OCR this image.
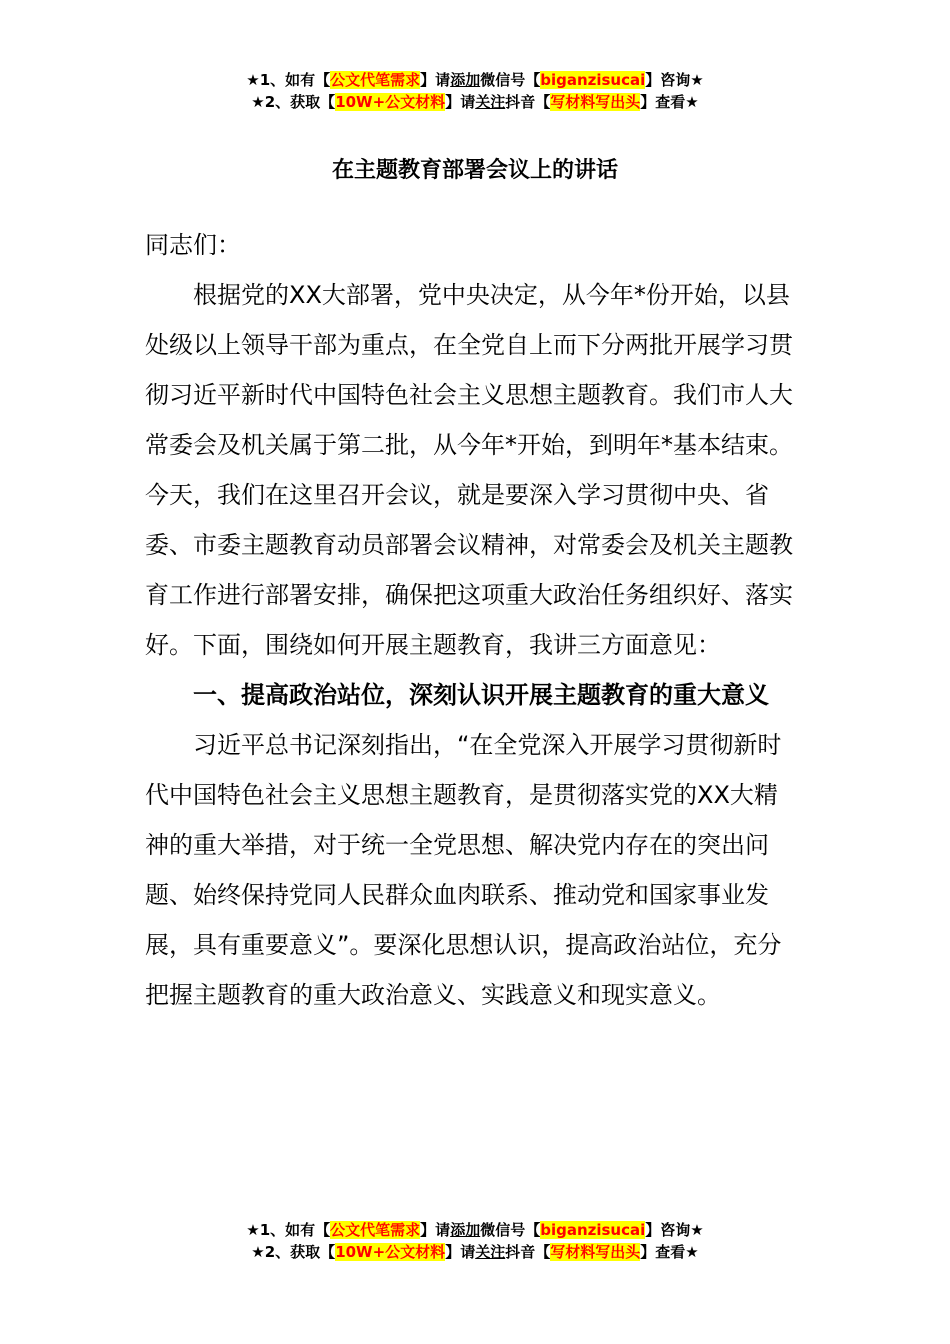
★1、如有【公文代笔需求】请添加微信号【biganzisucai】咨询★
★2、获取【10W+公文材料】请关注抖音【写材料写出头】查看★
在主题教育部署会议上的讲话

同志们：

根据党的XX大部署，党中央决定，从今年*份开始，以县处级以上领导干部为重点，在全党自上而下分两批开展学习贯彻习近平新时代中国特色社会主义思想主题教育。我们市人大常委会及机关属于第二批，从今年*开始，到明年*基本结束。今天，我们在这里召开会议，就是要深入学习贯彻中央、省委、市委主题教育动员部署会议精神，对常委会及机关主题教育工作进行部署安排，确保把这项重大政治任务组织好、落实好。下面，围绕如何开展主题教育，我讲三方面意见：

一、提高政治站位，深刻认识开展主题教育的重大意义

习近平总书记深刻指出，“在全党深入开展学习贯彻新时代中国特色社会主义思想主题教育，是贯彻落实党的XX大精神的重大举措，对于统一全党思想、解决党内存在的突出问题、始终保持党同人民群众血肉联系、推动党和国家事业发展，具有重要意义”。要深化思想认识，提高政治站位，充分把握主题教育的重大政治意义、实践意义和现实意义。

★1、如有【公文代笔需求】请添加微信号【biganzisucai】咨询★
★2、获取【10W+公文材料】请关注抖音【写材料写出头】查看★
